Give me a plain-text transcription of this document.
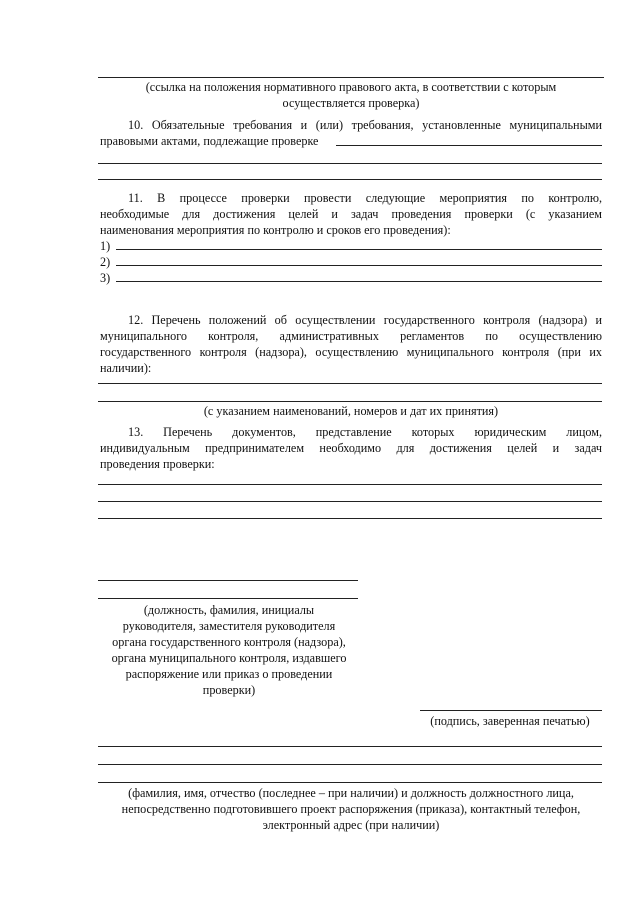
(ссылка на положения нормативного правового акта, в соответствии с которым осуществляется проверка)
10. Обязательные требования и (или) требования, установленные муниципальными
правовыми актами, подлежащие проверке
11. В процессе проверки провести следующие мероприятия по контролю,
необходимые для достижения целей и задач проведения проверки (с указанием
наименования мероприятия по контролю и сроков его проведения):
1)
2)
3)
12. Перечень положений об осуществлении государственного контроля (надзора) и
муниципального контроля, административных регламентов по осуществлению
государственного контроля (надзора), осуществлению муниципального контроля (при их
наличии):
(с указанием наименований, номеров и дат их принятия)
13. Перечень документов, представление которых юридическим лицом,
индивидуальным предпринимателем необходимо для достижения целей и задач
проведения проверки:
(должность, фамилия, инициалы
руководителя, заместителя руководителя
органа государственного контроля (надзора),
органа муниципального контроля, издавшего
распоряжение или приказ о проведении
проверки)
(подпись, заверенная печатью)
(фамилия, имя, отчество (последнее – при наличии) и должность должностного лица,
непосредственно подготовившего проект распоряжения (приказа), контактный телефон,
электронный адрес (при наличии)
